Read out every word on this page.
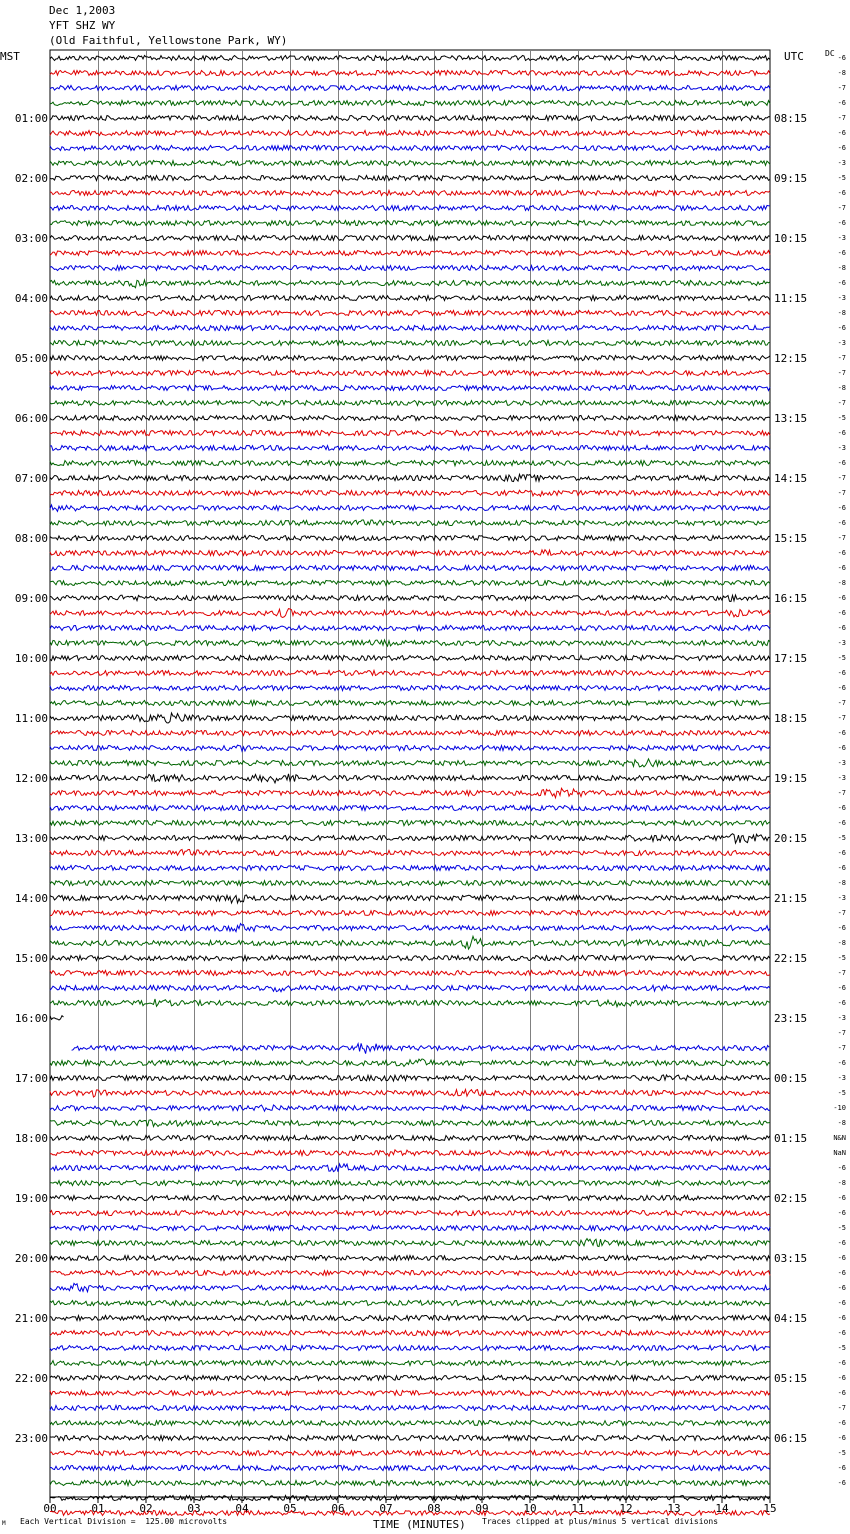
Dec 1,2003
YFT SHZ WY
(Old Faithful, Yellowstone Park, WY)
MST	UTC	DC
00	01	02	03	04	05	06	07	08	09	10	11	12	13	14	15
01:00
02:00
03:00
04:00
05:00
06:00
07:00
08:00
09:00
10:00
11:00
12:00
13:00
14:00
15:00
16:00
17:00
18:00
19:00
20:00
21:00
22:00
23:00
08:15
09:15
10:15
11:15
12:15
13:15
14:15
15:15
16:15
17:15
18:15
19:15
20:15
21:15
22:15
23:15
00:15
01:15
02:15
03:15
04:15
05:15
06:15
-6
-8
-7
-6
-7
-6
-6
-3
-5
-6
-7
-6
-3
-6
-8
-6
-3
-8
-6
-3
-7
-7
-8
-7
-5
-6
-3
-6
-7
-7
-6
-6
-7
-6
-6
-8
-6
-6
-6
-3
-5
-6
-6
-7
-7
-6
-6
-3
-3
-7
-6
-6
-5
-6
-6
-8
-3
-7
-6
-8
-5
-7
-6
-6
-3
-7
-7
-6
-3
-5
-10
-8
N&N
NaN
-6
-8
-6
-6
-5
-6
-6
-6
-6
-6
-6
-6
-5
-6
-6
-6
-7
-6
-6
-5
-6
-6
TIME (MINUTES)
Each Vertical Division =  125.00 microvolts	Traces clipped at plus/minus 5 vertical divisions
M
